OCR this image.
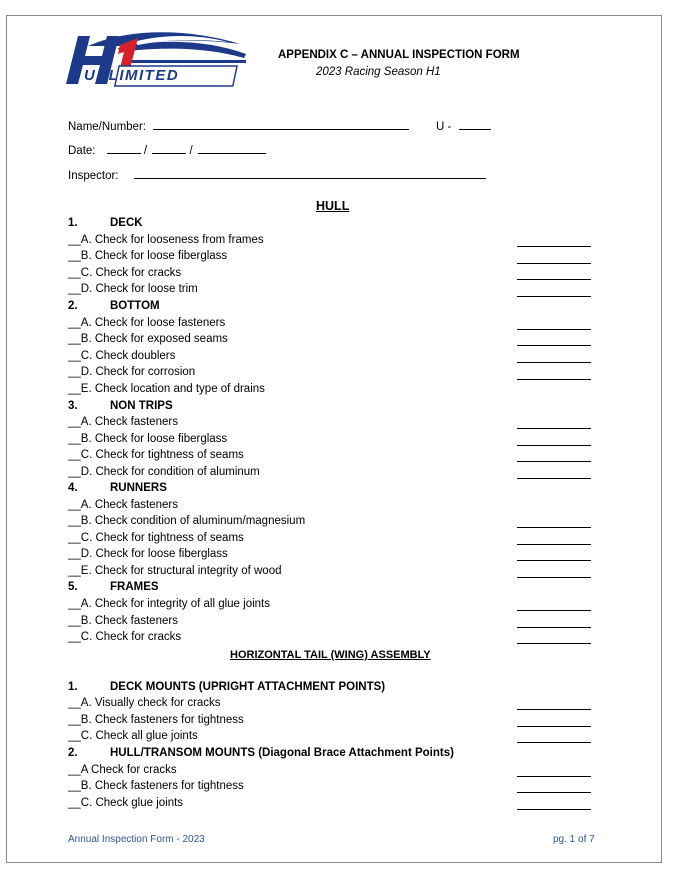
UNLIMITED
APPENDIX C – ANNUAL INSPECTION FORM
2023 Racing Season H1
Name/Number:	U -
Date:	/	/
Inspector:
HULL
HORIZONTAL TAIL (WING) ASSEMBLY
1.	DECK
__A. Check for looseness from frames
__B. Check for loose fiberglass
__C. Check for cracks
__D. Check for loose trim
2.	BOTTOM
__A. Check for loose fasteners
__B. Check for exposed seams
__C. Check doublers
__D. Check for corrosion
__E. Check location and type of drains
3.	NON TRIPS
__A. Check fasteners
__B. Check for loose fiberglass
__C. Check for tightness of seams
__D. Check for condition of aluminum
4.	RUNNERS
__A. Check fasteners
__B. Check condition of aluminum/magnesium
__C. Check for tightness of seams
__D. Check for loose fiberglass
__E. Check for structural integrity of wood
5.	FRAMES
__A. Check for integrity of all glue joints
__B. Check fasteners
__C. Check for cracks
1.	DECK MOUNTS (UPRIGHT ATTACHMENT POINTS)
__A. Visually check for cracks
__B. Check fasteners for tightness
__C. Check all glue joints
2.	HULL/TRANSOM MOUNTS (Diagonal Brace Attachment Points)
__A Check for cracks
__B. Check fasteners for tightness
__C. Check glue joints
Annual Inspection Form - 2023	pg. 1 of 7
